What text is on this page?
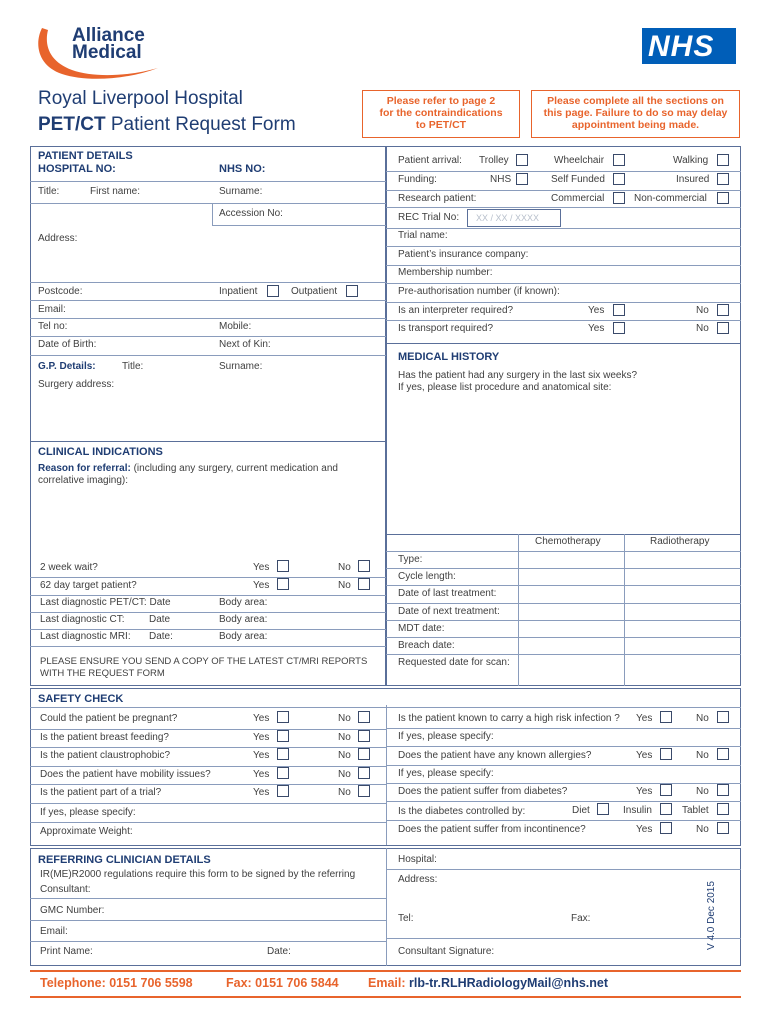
Alliance
Medical	NHS
Royal Liverpool Hospital
PET/CT Patient Request Form
Please refer to page 2 for the contraindications to PET/CT
Please complete all the sections on this page. Failure to do so may delay appointment being made.
PATIENT DETAILS
HOSPITAL NO:	NHS NO:
Title:	First name:	Surname:
Accession No:
Address:
Postcode:	Inpatient	Outpatient
Email:
Tel no:	Mobile:
Date of Birth:	Next of Kin:
G.P. Details:	Title:	Surname:
Surgery address:
Patient arrival: Trolley	Wheelchair	Walking
Funding:	NHS	Self Funded	Insured
Research patient:	Commercial	Non-commercial
REC Trial No: XX / XX / XXXX
Trial name:
Patient’s insurance company:
Membership number:
Pre-authorisation number (if known):
Is an interpreter required?	Yes	No
Is transport required?	Yes	No
MEDICAL HISTORY
Has the patient had any surgery in the last six weeks?
If yes, please list procedure and anatomical site:
Chemotherapy	Radiotherapy
Type:
Cycle length:
Date of last treatment:
Date of next treatment:
MDT date:
Breach date:
Requested date for scan:
CLINICAL INDICATIONS
Reason for referral: (including any surgery, current medication and
correlative imaging):
2 week wait?	Yes	No
62 day target patient?	Yes	No
Last diagnostic PET/CT: Date	Body area:
Last diagnostic CT: Date	Body area:
Last diagnostic MRI: Date:	Body area:
PLEASE ENSURE YOU SEND A COPY OF THE LATEST CT/MRI REPORTS
WITH THE REQUEST FORM
SAFETY CHECK
Could the patient be pregnant?	Yes	No
Is the patient breast feeding?	Yes	No
Is the patient claustrophobic?	Yes	No
Does the patient have mobility issues?	Yes	No
Is the patient part of a trial?	Yes	No
If yes, please specify:
Approximate Weight:
Is the patient known to carry a high risk infection ? Yes	No
If yes, please specify:
Does the patient have any known allergies?	Yes	No
If yes, please specify:
Does the patient suffer from diabetes?	Yes	No
Is the diabetes controlled by:	Diet	Insulin	Tablet
Does the patient suffer from incontinence?	Yes	No
REFERRING CLINICIAN DETAILS
IR(ME)R2000 regulations require this form to be signed by the referring
Consultant:
GMC Number:
Email:
Print Name:	Date:
Hospital:
Address:
Tel:	Fax:
Consultant Signature:
V 4.0 Dec 2015
Telephone: 0151 706 5598	Fax: 0151 706 5844 Email: rlb-tr.RLHRadiologyMail@nhs.net
